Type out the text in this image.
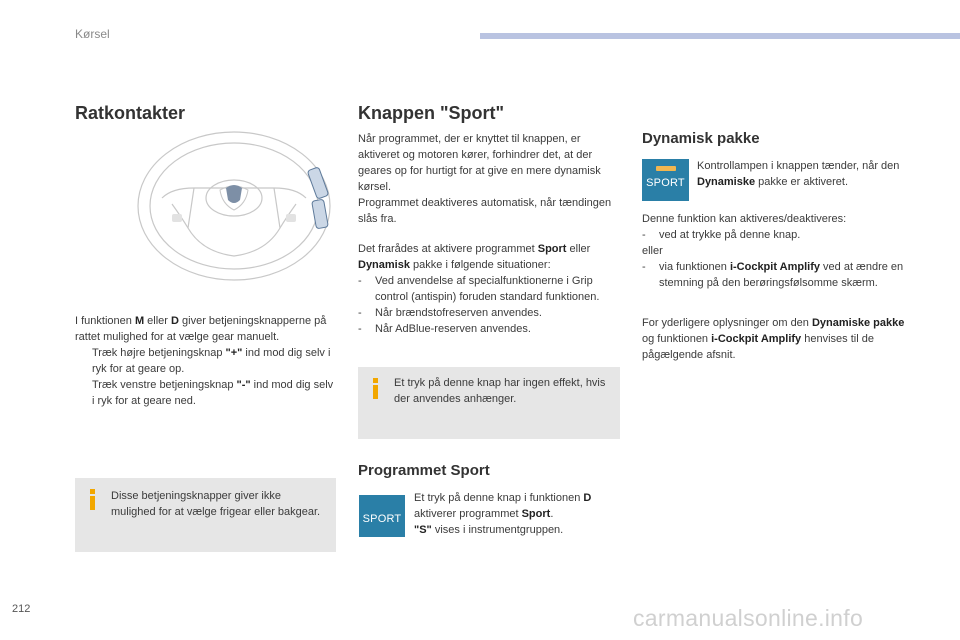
Kørsel
Ratkontakter

I funktionen M eller D giver betjeningsknapperne på rattet mulighed for at vælge gear manuelt.

Træk højre betjeningsknap "+" ind mod dig selv i ryk for at geare op.
Træk venstre betjeningsknap "-" ind mod dig selv i ryk for at geare ned.
Disse betjeningsknapper giver ikke mulighed for at vælge frigear eller bakgear.
Knappen "Sport"

Når programmet, der er knyttet til knappen, er aktiveret og motoren kører, forhindrer det, at der geares op for hurtigt for at give en mere dynamisk kørsel.

Programmet deaktiveres automatisk, når tændingen slås fra.

Det frarådes at aktivere programmet Sport eller Dynamisk pakke i følgende situationer:

-	Ved anvendelse af specialfunktionerne i Grip control (antispin) foruden standard funktionen.
-	Når brændstofreserven anvendes.
-	Når AdBlue-reserven anvendes.
Et tryk på denne knap har ingen effekt, hvis der anvendes anhænger.
Programmet Sport
SPORT
Et tryk på denne knap i funktionen D aktiverer programmet Sport.
"S" vises i instrumentgruppen.
Dynamisk pakke
SPORT
Kontrollampen i knappen tænder, når den Dynamiske pakke er aktiveret.

Denne funktion kan aktiveres/deaktiveres:

-	ved at trykke på denne knap.

eller

-	via funktionen i-Cockpit Amplify ved at ændre en stemning på den berøringsfølsomme skærm.

For yderligere oplysninger om den Dynamiske pakke og funktionen i-Cockpit Amplify henvises til de pågælgende afsnit.

212	carmanualsonline.info
